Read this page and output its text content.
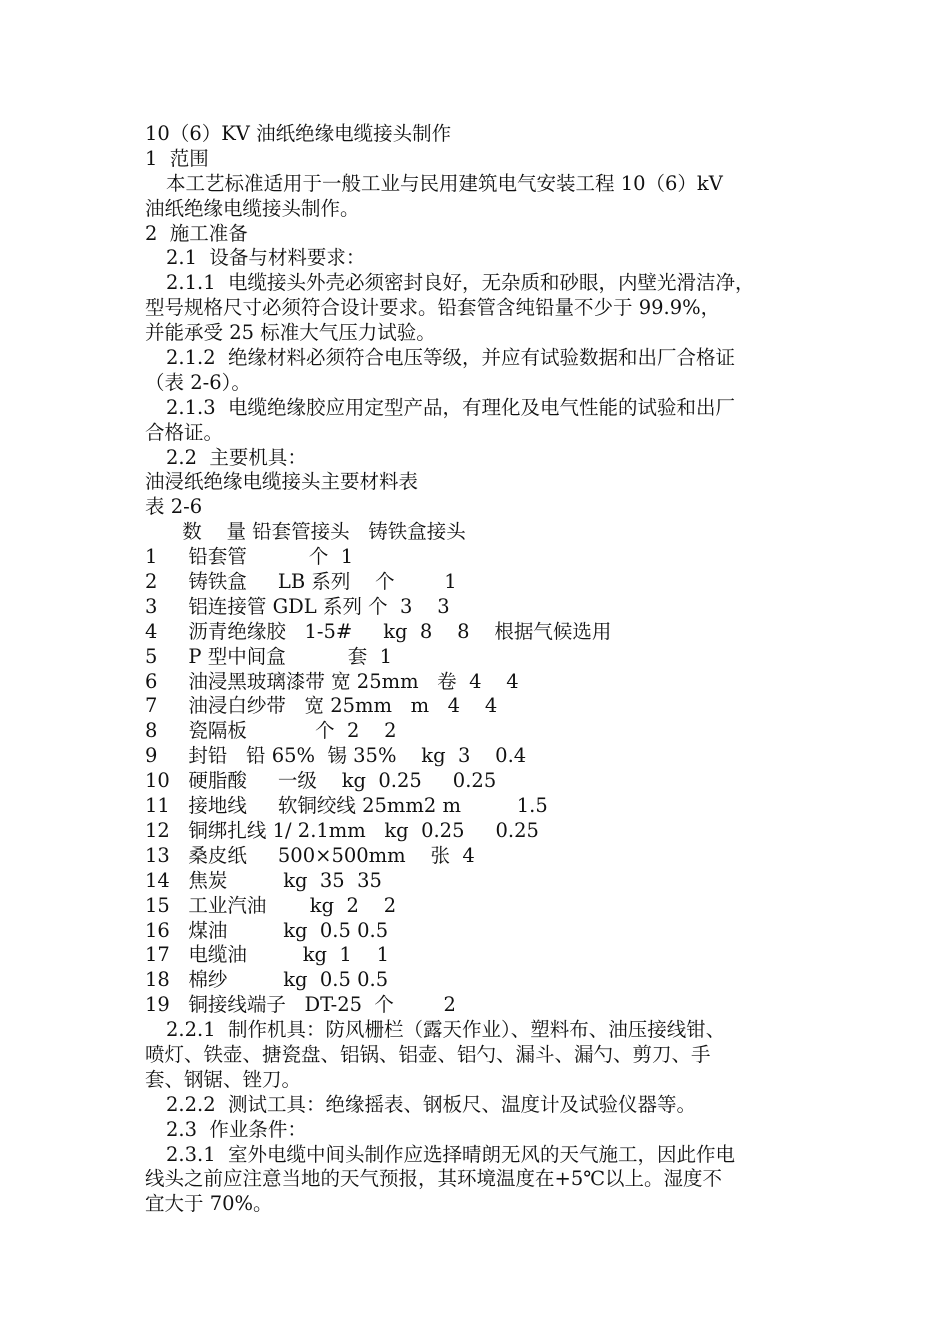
10（6）KV 油纸绝缘电缆接头制作
1  范围
本工艺标准适用于一般工业与民用建筑电气安装工程 10（6）kV
油纸绝缘电缆接头制作。
2  施工准备
2.1  设备与材料要求：
2.1.1  电缆接头外壳必须密封良好，无杂质和砂眼，内壁光滑洁净，
型号规格尺寸必须符合设计要求。铅套管含纯铅量不少于 99.9%，
并能承受 25 标准大气压力试验。
2.1.2  绝缘材料必须符合电压等级，并应有试验数据和出厂合格证
（表 2-6）。
2.1.3  电缆绝缘胶应用定型产品，有理化及电气性能的试验和出厂
合格证。
2.2  主要机具：
油浸纸绝缘电缆接头主要材料表
表 2-6
数    量 铅套管接头   铸铁盒接头
1     铅套管          个  1
2     铸铁盒     LB 系列    个        1
3     铝连接管 GDL 系列 个  3    3
4     沥青绝缘胶   1-5#     kg  8    8    根据气候选用
5     P 型中间盒          套  1
6     油浸黑玻璃漆带 宽 25mm   卷  4    4
7     油浸白纱带   宽 25mm   m   4    4
8     瓷隔板           个  2    2
9     封铅   铅 65%  锡 35%    kg  3    0.4
10   硬脂酸     一级    kg  0.25     0.25
11   接地线     软铜绞线 25mm2 m         1.5
12   铜绑扎线 1/ 2.1mm   kg  0.25     0.25
13   桑皮纸     500×500mm    张  4
14   焦炭         kg  35  35
15   工业汽油       kg  2    2
16   煤油         kg  0.5 0.5
17   电缆油         kg  1    1
18   棉纱         kg  0.5 0.5
19   铜接线端子   DT-25  个        2
2.2.1  制作机具：防风栅栏（露天作业）、塑料布、油压接线钳、
喷灯、铁壶、搪瓷盘、铝锅、铝壶、铝勺、漏斗、漏勺、剪刀、手
套、钢锯、锉刀。
2.2.2  测试工具：绝缘摇表、钢板尺、温度计及试验仪器等。
2.3  作业条件：
2.3.1  室外电缆中间头制作应选择晴朗无风的天气施工，因此作电
线头之前应注意当地的天气预报，其环境温度在+5℃以上。湿度不
宜大于 70%。
